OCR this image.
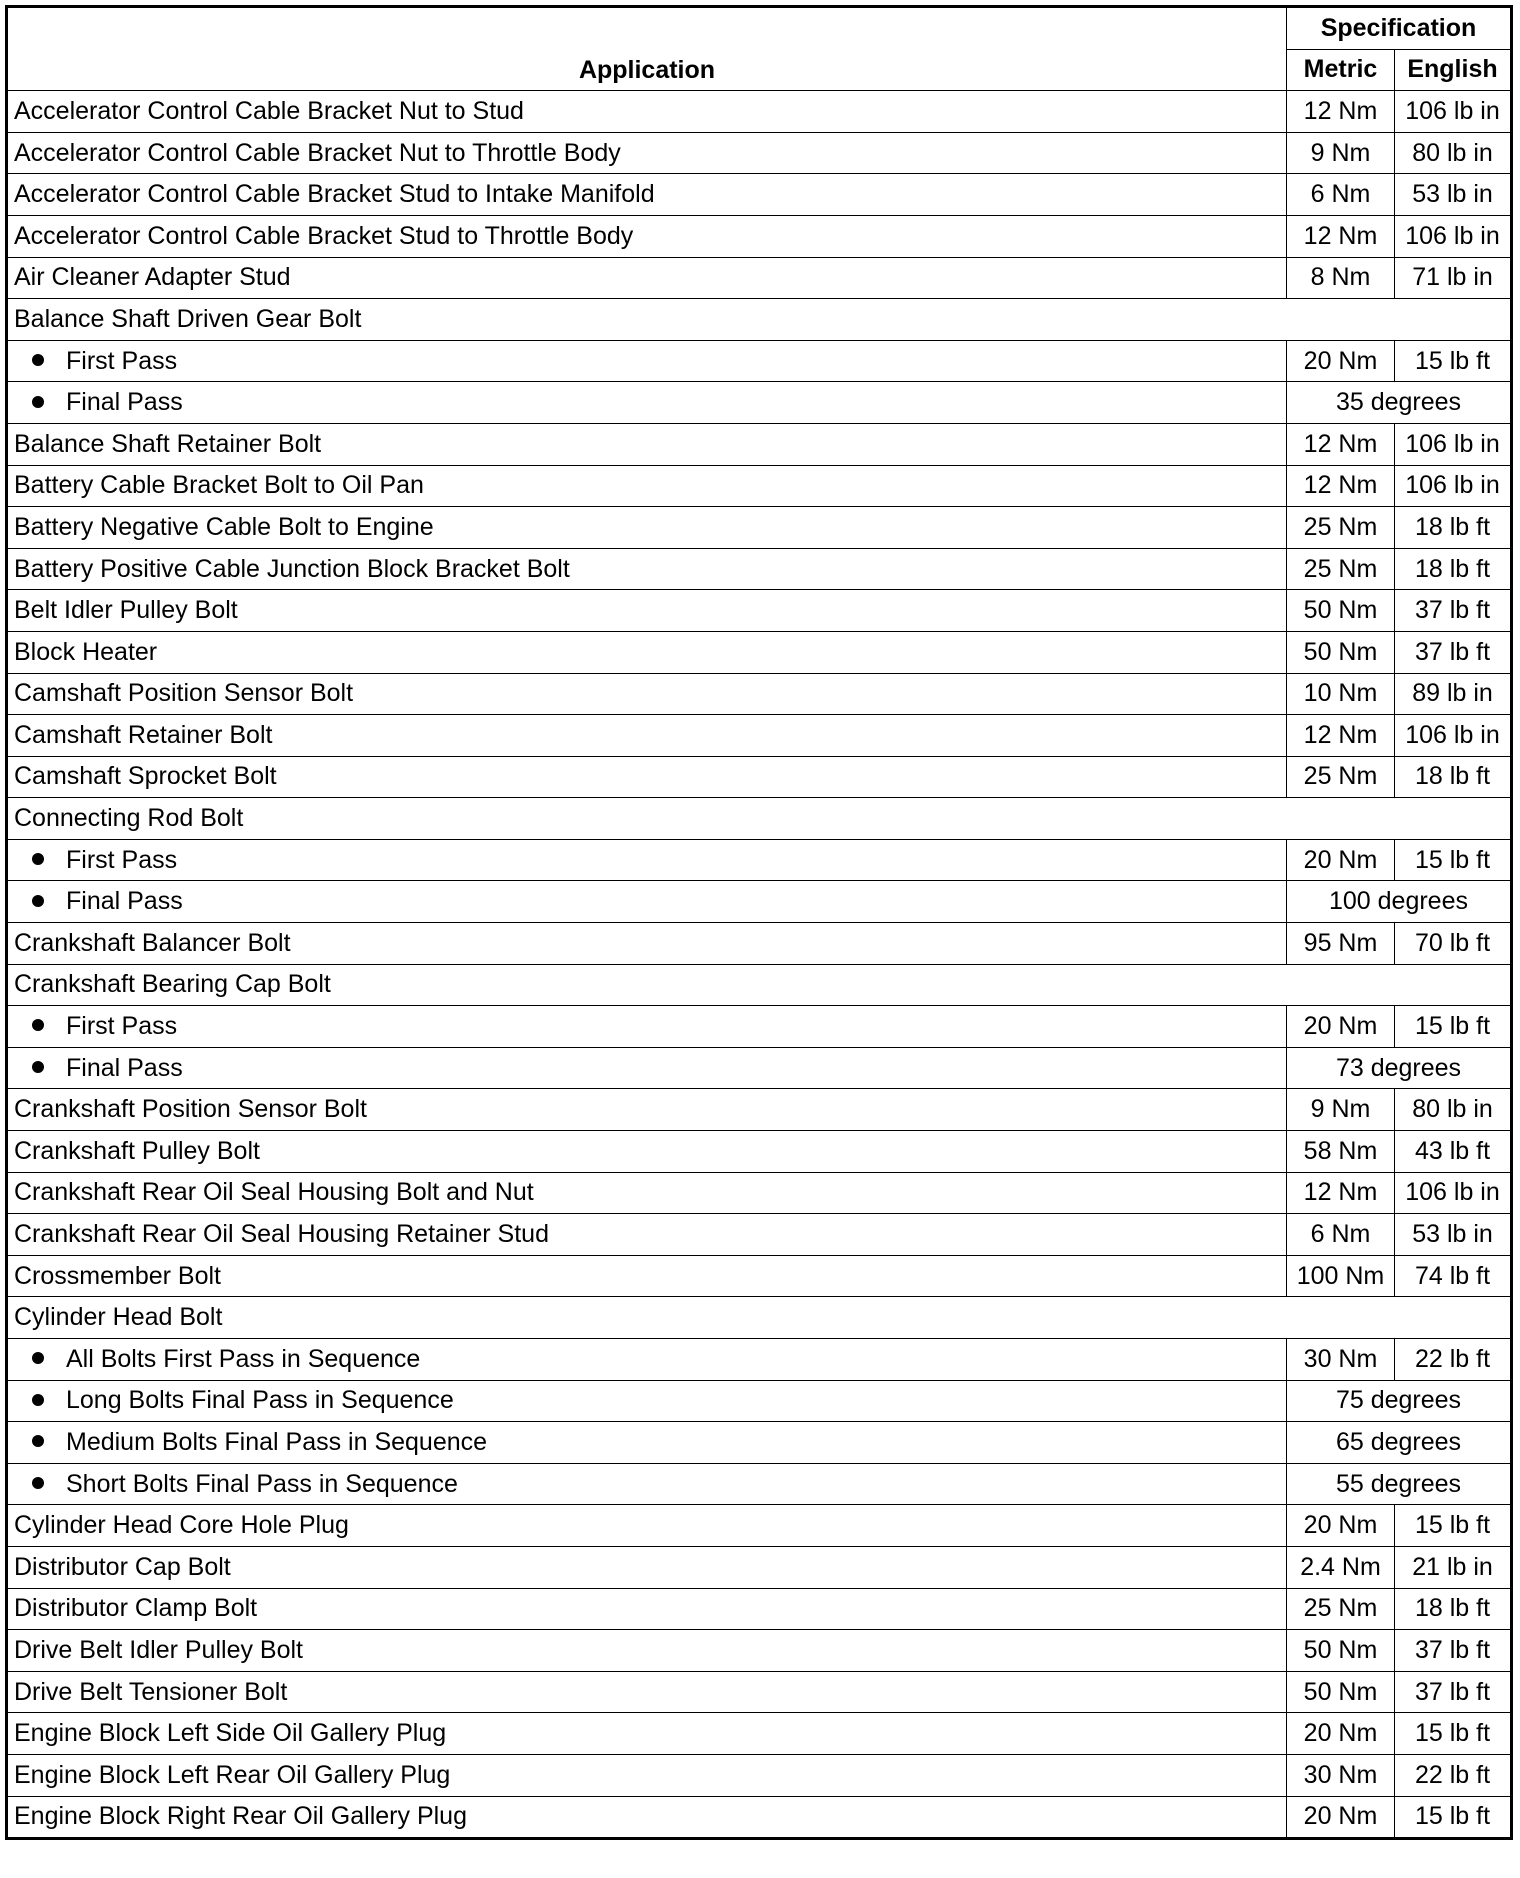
Application	Specification	
	Metric	English
Accelerator Control Cable Bracket Nut to Stud	12 Nm	106 lb in
Accelerator Control Cable Bracket Nut to Throttle Body	9 Nm	80 lb in
Accelerator Control Cable Bracket Stud to Intake Manifold	6 Nm	53 lb in
Accelerator Control Cable Bracket Stud to Throttle Body	12 Nm	106 lb in
Air Cleaner Adapter Stud	8 Nm	71 lb in
Balance Shaft Driven Gear Bolt		
First Pass	20 Nm	15 lb ft
Final Pass	35 degrees	
Balance Shaft Retainer Bolt	12 Nm	106 lb in
Battery Cable Bracket Bolt to Oil Pan	12 Nm	106 lb in
Battery Negative Cable Bolt to Engine	25 Nm	18 lb ft
Battery Positive Cable Junction Block Bracket Bolt	25 Nm	18 lb ft
Belt Idler Pulley Bolt	50 Nm	37 lb ft
Block Heater	50 Nm	37 lb ft
Camshaft Position Sensor Bolt	10 Nm	89 lb in
Camshaft Retainer Bolt	12 Nm	106 lb in
Camshaft Sprocket Bolt	25 Nm	18 lb ft
Connecting Rod Bolt		
First Pass	20 Nm	15 lb ft
Final Pass	100 degrees	
Crankshaft Balancer Bolt	95 Nm	70 lb ft
Crankshaft Bearing Cap Bolt		
First Pass	20 Nm	15 lb ft
Final Pass	73 degrees	
Crankshaft Position Sensor Bolt	9 Nm	80 lb in
Crankshaft Pulley Bolt	58 Nm	43 lb ft
Crankshaft Rear Oil Seal Housing Bolt and Nut	12 Nm	106 lb in
Crankshaft Rear Oil Seal Housing Retainer Stud	6 Nm	53 lb in
Crossmember Bolt	100 Nm	74 lb ft
Cylinder Head Bolt		
All Bolts First Pass in Sequence	30 Nm	22 lb ft
Long Bolts Final Pass in Sequence	75 degrees	
Medium Bolts Final Pass in Sequence	65 degrees	
Short Bolts Final Pass in Sequence	55 degrees	
Cylinder Head Core Hole Plug	20 Nm	15 lb ft
Distributor Cap Bolt	2.4 Nm	21 lb in
Distributor Clamp Bolt	25 Nm	18 lb ft
Drive Belt Idler Pulley Bolt	50 Nm	37 lb ft
Drive Belt Tensioner Bolt	50 Nm	37 lb ft
Engine Block Left Side Oil Gallery Plug	20 Nm	15 lb ft
Engine Block Left Rear Oil Gallery Plug	30 Nm	22 lb ft
Engine Block Right Rear Oil Gallery Plug	20 Nm	15 lb ft
